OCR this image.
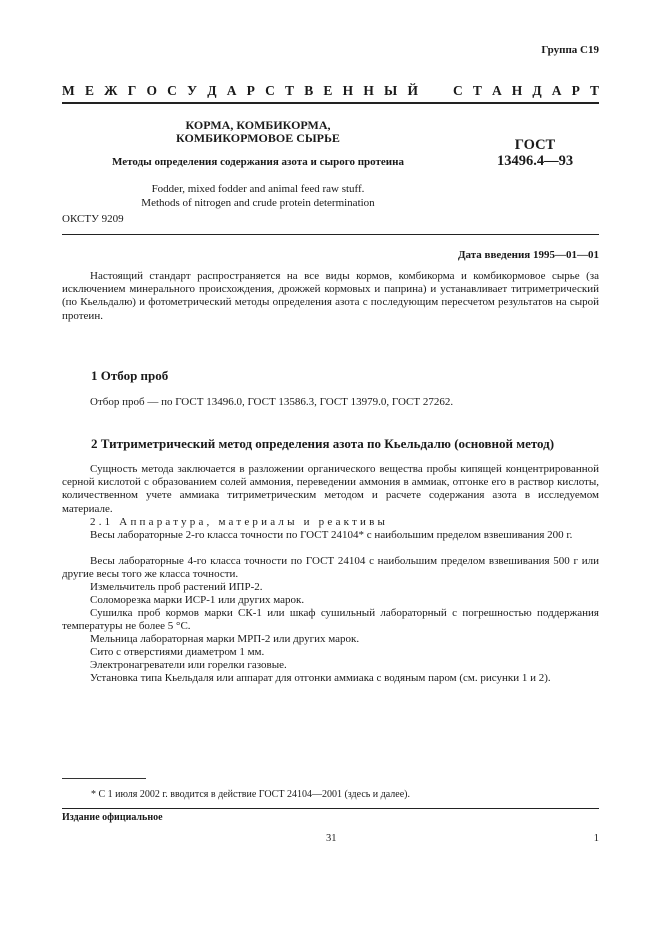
Группа С19
М Е Ж Г О С У Д А Р С Т В Е Н Н Ы Й	С Т А Н Д А Р Т
КОРМА, КОМБИКОРМА,
КОМБИКОРМОВОЕ СЫРЬЕ
Методы определения содержания азота и сырого протеина
Fodder, mixed fodder and animal feed raw stuff.
Methods of nitrogen and crude protein determination
ГОСТ
13496.4—93
ОКСТУ 9209
Дата введения 1995—01—01
Настоящий стандарт распространяется на все виды кормов, комбикорма и комбикормовое сырье (за исключением минерального происхождения, дрожжей кормовых и паприна) и устанавливает титриметрический (по Кьельдалю) и фотометрический методы определения азота с последующим пересчетом результатов на сырой протеин.
1 Отбор проб
Отбор проб — по ГОСТ 13496.0, ГОСТ 13586.3, ГОСТ 13979.0, ГОСТ 27262.
2 Титриметрический метод определения азота по Кьельдалю (основной метод)
Сущность метода заключается в разложении органического вещества пробы кипящей концентрированной серной кислотой с образованием солей аммония, переведении аммония в аммиак, отгонке его в раствор кислоты, количественном учете аммиака титриметрическим методом и расчете содержания азота в исследуемом материале.
2.1 Аппаратура, материалы и реактивы
Весы лабораторные 2-го класса точности по ГОСТ 24104* с наибольшим пределом взвешивания 200 г.
Весы лабораторные 4-го класса точности по ГОСТ 24104 с наибольшим пределом взвешивания 500 г или другие весы того же класса точности.
Измельчитель проб растений ИПР-2.
Соломорезка марки ИСР-1 или других марок.
Сушилка проб кормов марки СК-1 или шкаф сушильный лабораторный с погрешностью поддержания температуры не более 5 °С.
Мельница лабораторная марки МРП-2 или других марок.
Сито с отверстиями диаметром 1 мм.
Электронагреватели или горелки газовые.
Установка типа Кьельдаля или аппарат для отгонки аммиака с водяным паром (см. рисунки 1 и 2).
* С 1 июля 2002 г. вводится в действие ГОСТ 24104—2001 (здесь и далее).
Издание официальное
31	1
